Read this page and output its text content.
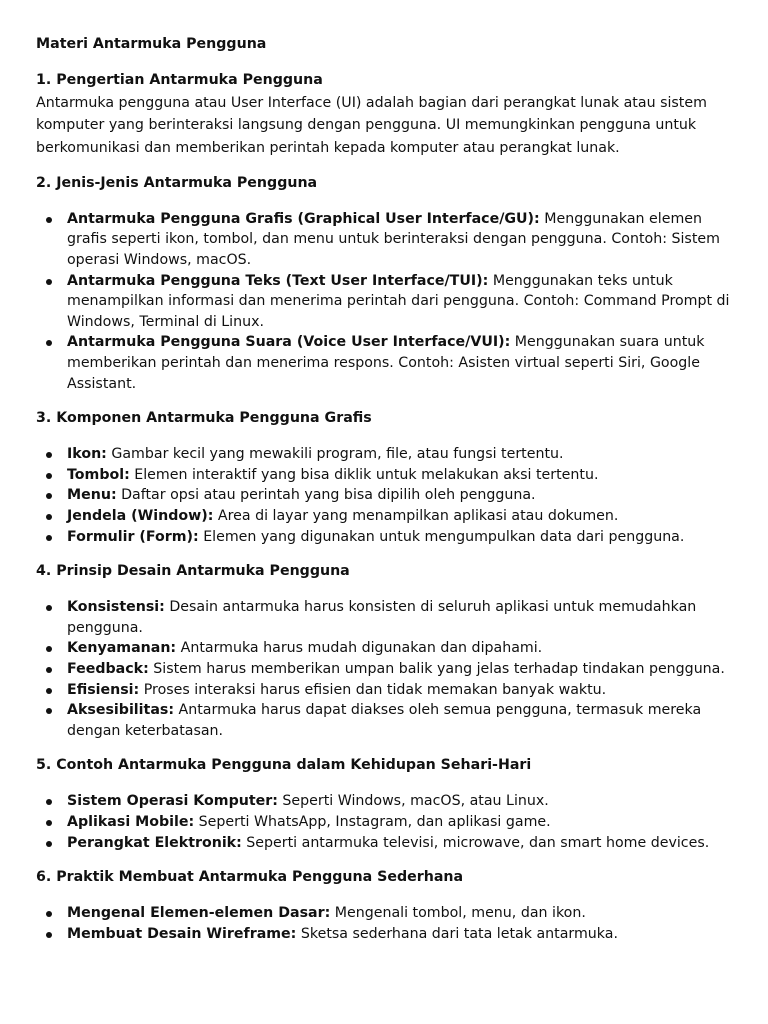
Materi Antarmuka Pengguna
1. Pengertian Antarmuka Pengguna

Antarmuka pengguna atau User Interface (UI) adalah bagian dari perangkat lunak atau sistem komputer yang berinteraksi langsung dengan pengguna. UI memungkinkan pengguna untuk berkomunikasi dan memberikan perintah kepada komputer atau perangkat lunak.

2. Jenis-Jenis Antarmuka Pengguna
Antarmuka Pengguna Grafis (Graphical User Interface/GU): Menggunakan elemen grafis seperti ikon, tombol, dan menu untuk berinteraksi dengan pengguna. Contoh: Sistem operasi Windows, macOS.
Antarmuka Pengguna Teks (Text User Interface/TUI): Menggunakan teks untuk menampilkan informasi dan menerima perintah dari pengguna. Contoh: Command Prompt di Windows, Terminal di Linux.
Antarmuka Pengguna Suara (Voice User Interface/VUI): Menggunakan suara untuk memberikan perintah dan menerima respons. Contoh: Asisten virtual seperti Siri, Google Assistant.
3. Komponen Antarmuka Pengguna Grafis
Ikon: Gambar kecil yang mewakili program, file, atau fungsi tertentu.
Tombol: Elemen interaktif yang bisa diklik untuk melakukan aksi tertentu.
Menu: Daftar opsi atau perintah yang bisa dipilih oleh pengguna.
Jendela (Window): Area di layar yang menampilkan aplikasi atau dokumen.
Formulir (Form): Elemen yang digunakan untuk mengumpulkan data dari pengguna.
4. Prinsip Desain Antarmuka Pengguna
Konsistensi: Desain antarmuka harus konsisten di seluruh aplikasi untuk memudahkan pengguna.
Kenyamanan: Antarmuka harus mudah digunakan dan dipahami.
Feedback: Sistem harus memberikan umpan balik yang jelas terhadap tindakan pengguna.
Efisiensi: Proses interaksi harus efisien dan tidak memakan banyak waktu.
Aksesibilitas: Antarmuka harus dapat diakses oleh semua pengguna, termasuk mereka dengan keterbatasan.
5. Contoh Antarmuka Pengguna dalam Kehidupan Sehari-Hari
Sistem Operasi Komputer: Seperti Windows, macOS, atau Linux.
Aplikasi Mobile: Seperti WhatsApp, Instagram, dan aplikasi game.
Perangkat Elektronik: Seperti antarmuka televisi, microwave, dan smart home devices.
6. Praktik Membuat Antarmuka Pengguna Sederhana
Mengenal Elemen-elemen Dasar: Mengenali tombol, menu, dan ikon.
Membuat Desain Wireframe: Sketsa sederhana dari tata letak antarmuka.
